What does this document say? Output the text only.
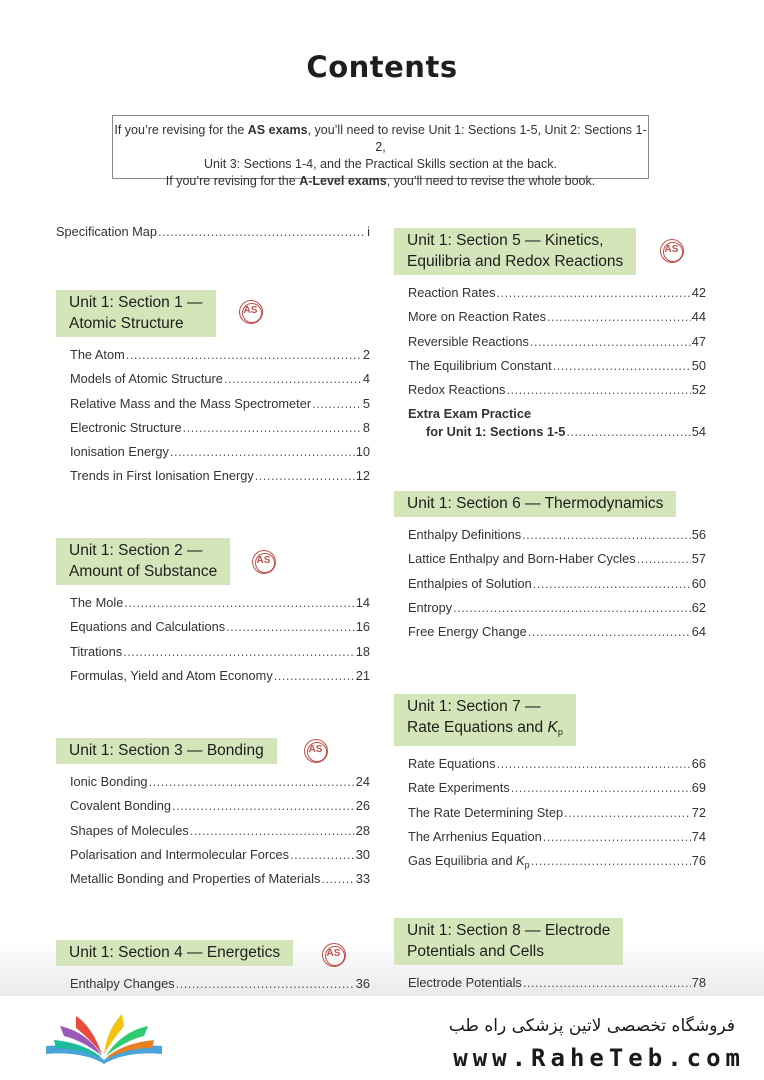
Contents
If you’re revising for the AS exams, you’ll need to revise Unit 1: Sections 1-5, Unit 2: Sections 1-2,
Unit 3: Sections 1-4, and the Practical Skills section at the back.
If you’re revising for the A-Level exams, you’ll need to revise the whole book.
Specification Map .....	i
Unit 1: Section 1 —
Atomic Structure
AS
The Atom .....	2
Models of Atomic Structure .....	4
Relative Mass and the Mass Spectrometer .....	5
Electronic Structure .....	8
Ionisation Energy .....	10
Trends in First Ionisation Energy .....	12
Unit 1: Section 2 —
Amount of Substance
AS
The Mole .....	14
Equations and Calculations .....	16
Titrations .....	18
Formulas, Yield and Atom Economy .....	21
Unit 1: Section 3 — Bonding	AS
Ionic Bonding .....	24
Covalent Bonding .....	26
Shapes of Molecules .....	28
Polarisation and Intermolecular Forces .....	30
Metallic Bonding and Properties of Materials .....	33
Unit 1: Section 5 — Kinetics,
Equilibria and Redox Reactions
AS
Reaction Rates .....	42
More on Reaction Rates .....	44
Reversible Reactions .....	47
The Equilibrium Constant .....	50
Redox Reactions .....	52
Extra Exam Practice
for Unit 1: Sections 1-5 .....	54
Unit 1: Section 6 — Thermodynamics
Enthalpy Definitions .....	56
Lattice Enthalpy and Born-Haber Cycles .....	57
Enthalpies of Solution .....	60
Entropy .....	62
Free Energy Change .....	64
Unit 1: Section 7 —
Rate Equations and $K_p$
Rate Equations .....	66
Rate Experiments .....	69
The Rate Determining Step .....	72
The Arrhenius Equation .....	74
Gas Equilibria and $K_p$ .....	76
Unit 1: Section 4 — Energetics	AS
Enthalpy Changes .....	36
Unit 1: Section 8 — Electrode
Potentials and Cells
Electrode Potentials .....	78
فروشگاه تخصصی لاتین پزشکی راه طب
www.RaheTeb.com
